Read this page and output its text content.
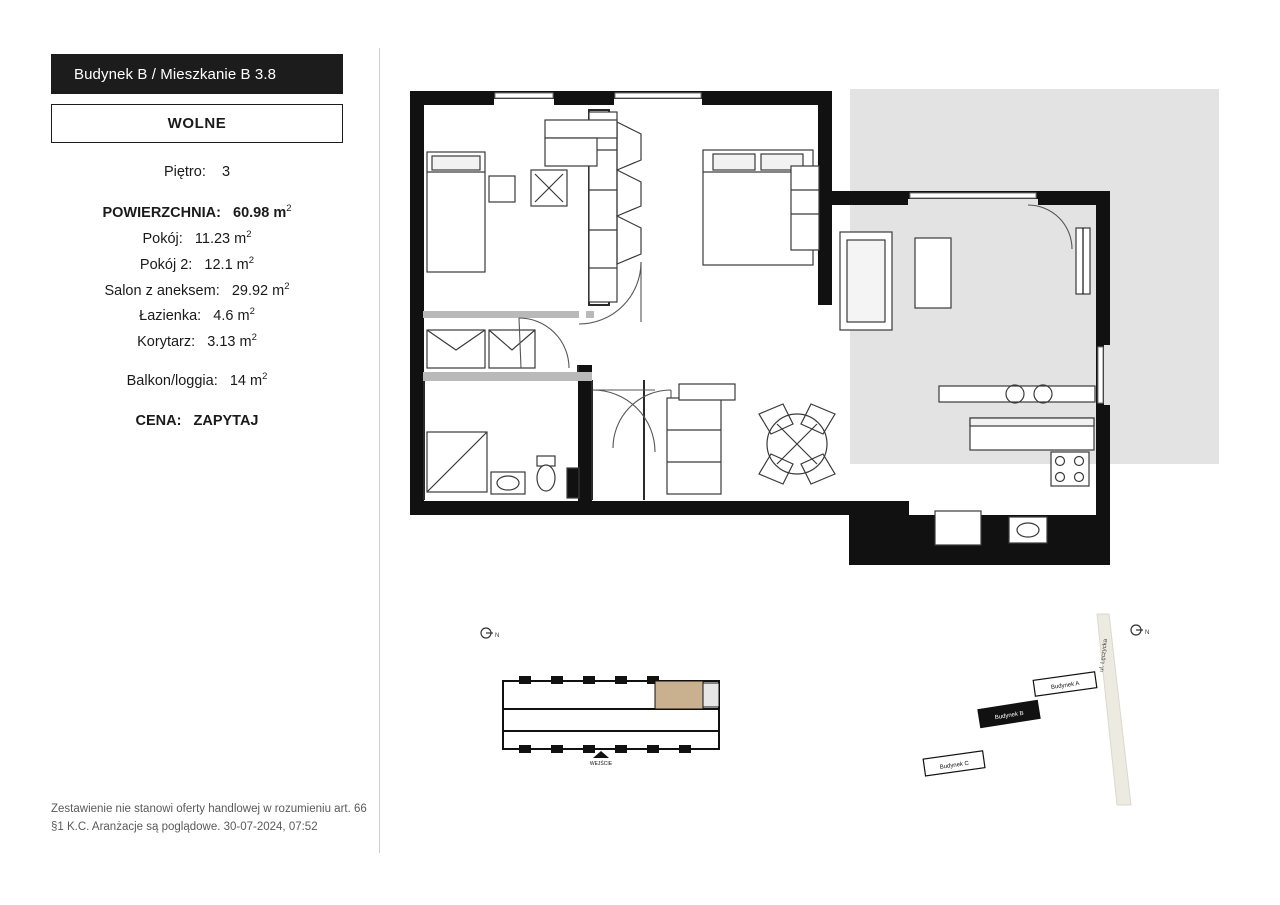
Budynek B / Mieszkanie B 3.8
WOLNE
Piętro: 3
POWIERZCHNIA: 60.98 $m^2$
Pokój: 11.23 $m^2$
Pokój 2: 12.1 $m^2$
Salon z aneksem: 29.92 $m^2$
Łazienka: 4.6 $m^2$
Korytarz: 3.13 $m^2$
Balkon/loggia: 14 $m^2$
CENA: ZAPYTAJ
Zestawienie nie stanowi oferty handlowej w rozumieniu art. 66 §1 K.C. Aranżacje są poglądowe. 30-07-2024, 07:52
N
WEJŚCIE
N
ul. Lęczycka
Budynek A
Budynek B
Budynek C
